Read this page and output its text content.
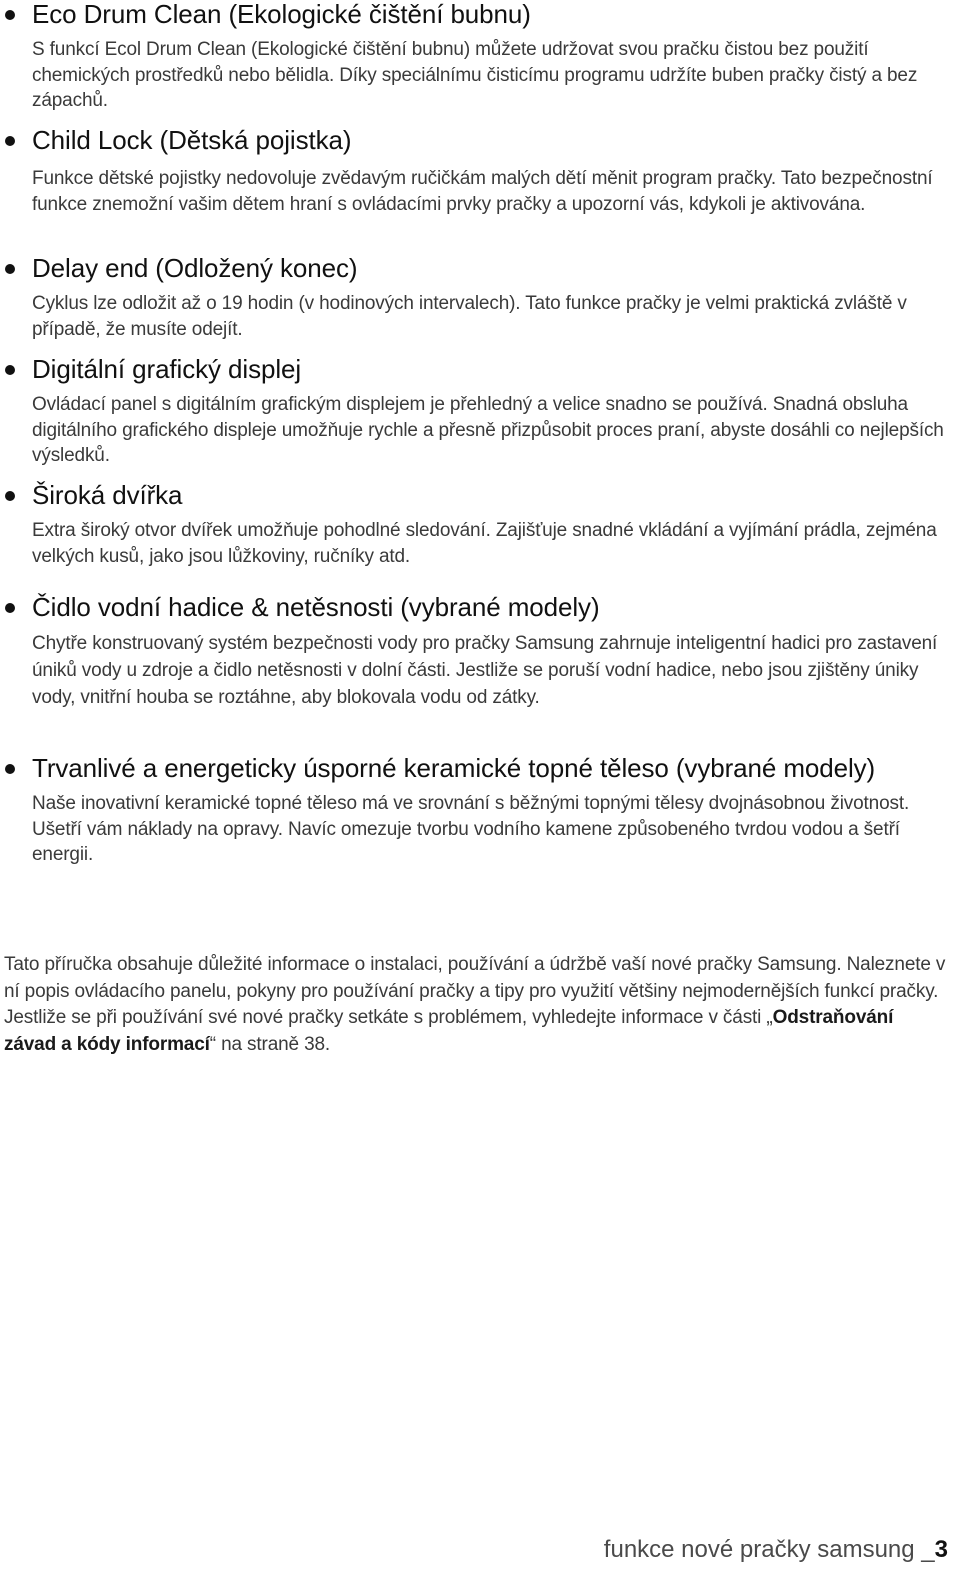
Eco Drum Clean (Ekologické čištění bubnu)

S funkcí Ecol Drum Clean (Ekologické čištění bubnu) můžete udržovat svou pračku čistou bez použití chemických prostředků nebo bělidla. Díky speciálnímu čisticímu programu udržíte buben pračky čistý a bez zápachů.

Child Lock (Dětská pojistka)

Funkce dětské pojistky nedovoluje zvědavým ručičkám malých dětí měnit program pračky. Tato bezpečnostní funkce znemožní vašim dětem hraní s ovládacími prvky pračky a upozorní vás, kdykoli je aktivována.

Delay end (Odložený konec)

Cyklus lze odložit až o 19 hodin (v hodinových intervalech). Tato funkce pračky je velmi praktická zvláště v případě, že musíte odejít.

Digitální grafický displej

Ovládací panel s digitálním grafickým displejem je přehledný a velice snadno se používá. Snadná obsluha digitálního grafického displeje umožňuje rychle a přesně přizpůsobit proces praní, abyste dosáhli co nejlepších výsledků.

Široká dvířka

Extra široký otvor dvířek umožňuje pohodlné sledování. Zajišťuje snadné vkládání a vyjímání prádla, zejména velkých kusů, jako jsou lůžkoviny, ručníky atd.

Čidlo vodní hadice & netěsnosti (vybrané modely)

Chytře konstruovaný systém bezpečnosti vody pro pračky Samsung zahrnuje inteligentní hadici pro zastavení úniků vody u zdroje a čidlo netěsnosti v dolní části. Jestliže se poruší vodní hadice, nebo jsou zjištěny úniky vody, vnitřní houba se roztáhne, aby blokovala vodu od zátky.

Trvanlivé a energeticky úsporné keramické topné těleso (vybrané modely)

Naše inovativní keramické topné těleso má ve srovnání s běžnými topnými tělesy dvojnásobnou životnost.

Ušetří vám náklady na opravy. Navíc omezuje tvorbu vodního kamene způsobeného tvrdou vodou a šetří energii.

Tato příručka obsahuje důležité informace o instalaci, používání a údržbě vaší nové pračky Samsung. Naleznete v ní popis ovládacího panelu, pokyny pro používání pračky a tipy pro využití většiny nejmodernějších funkcí pračky. Jestliže se při používání své nové pračky setkáte s problémem, vyhledejte informace v části „Odstraňování závad a kódy informací“ na straně 38.

funkce nové pračky samsung _3
